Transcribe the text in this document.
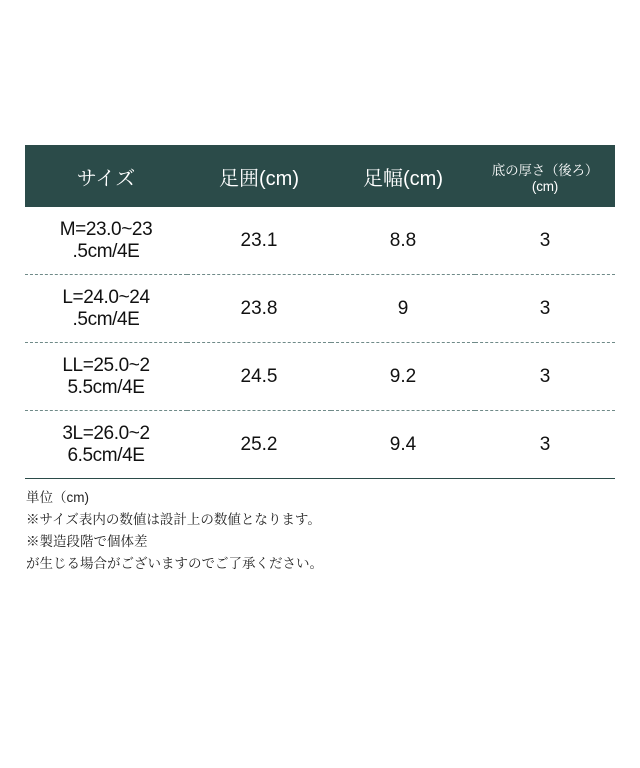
サイズ	足囲(cm)	足幅(cm)	底の厚さ（後ろ）(cm)

M=23.0~23
.5cm/4E	23.1	8.8	3

L=24.0~24
.5cm/4E	23.8	9	3

LL=25.0~2
5.5cm/4E	24.5	9.2	3

3L=26.0~2
6.5cm/4E	25.2	9.4	3
単位（cm)
※サイズ表内の数値は設計上の数値となります。
※製造段階で個体差
が生じる場合がございますのでご了承ください。
